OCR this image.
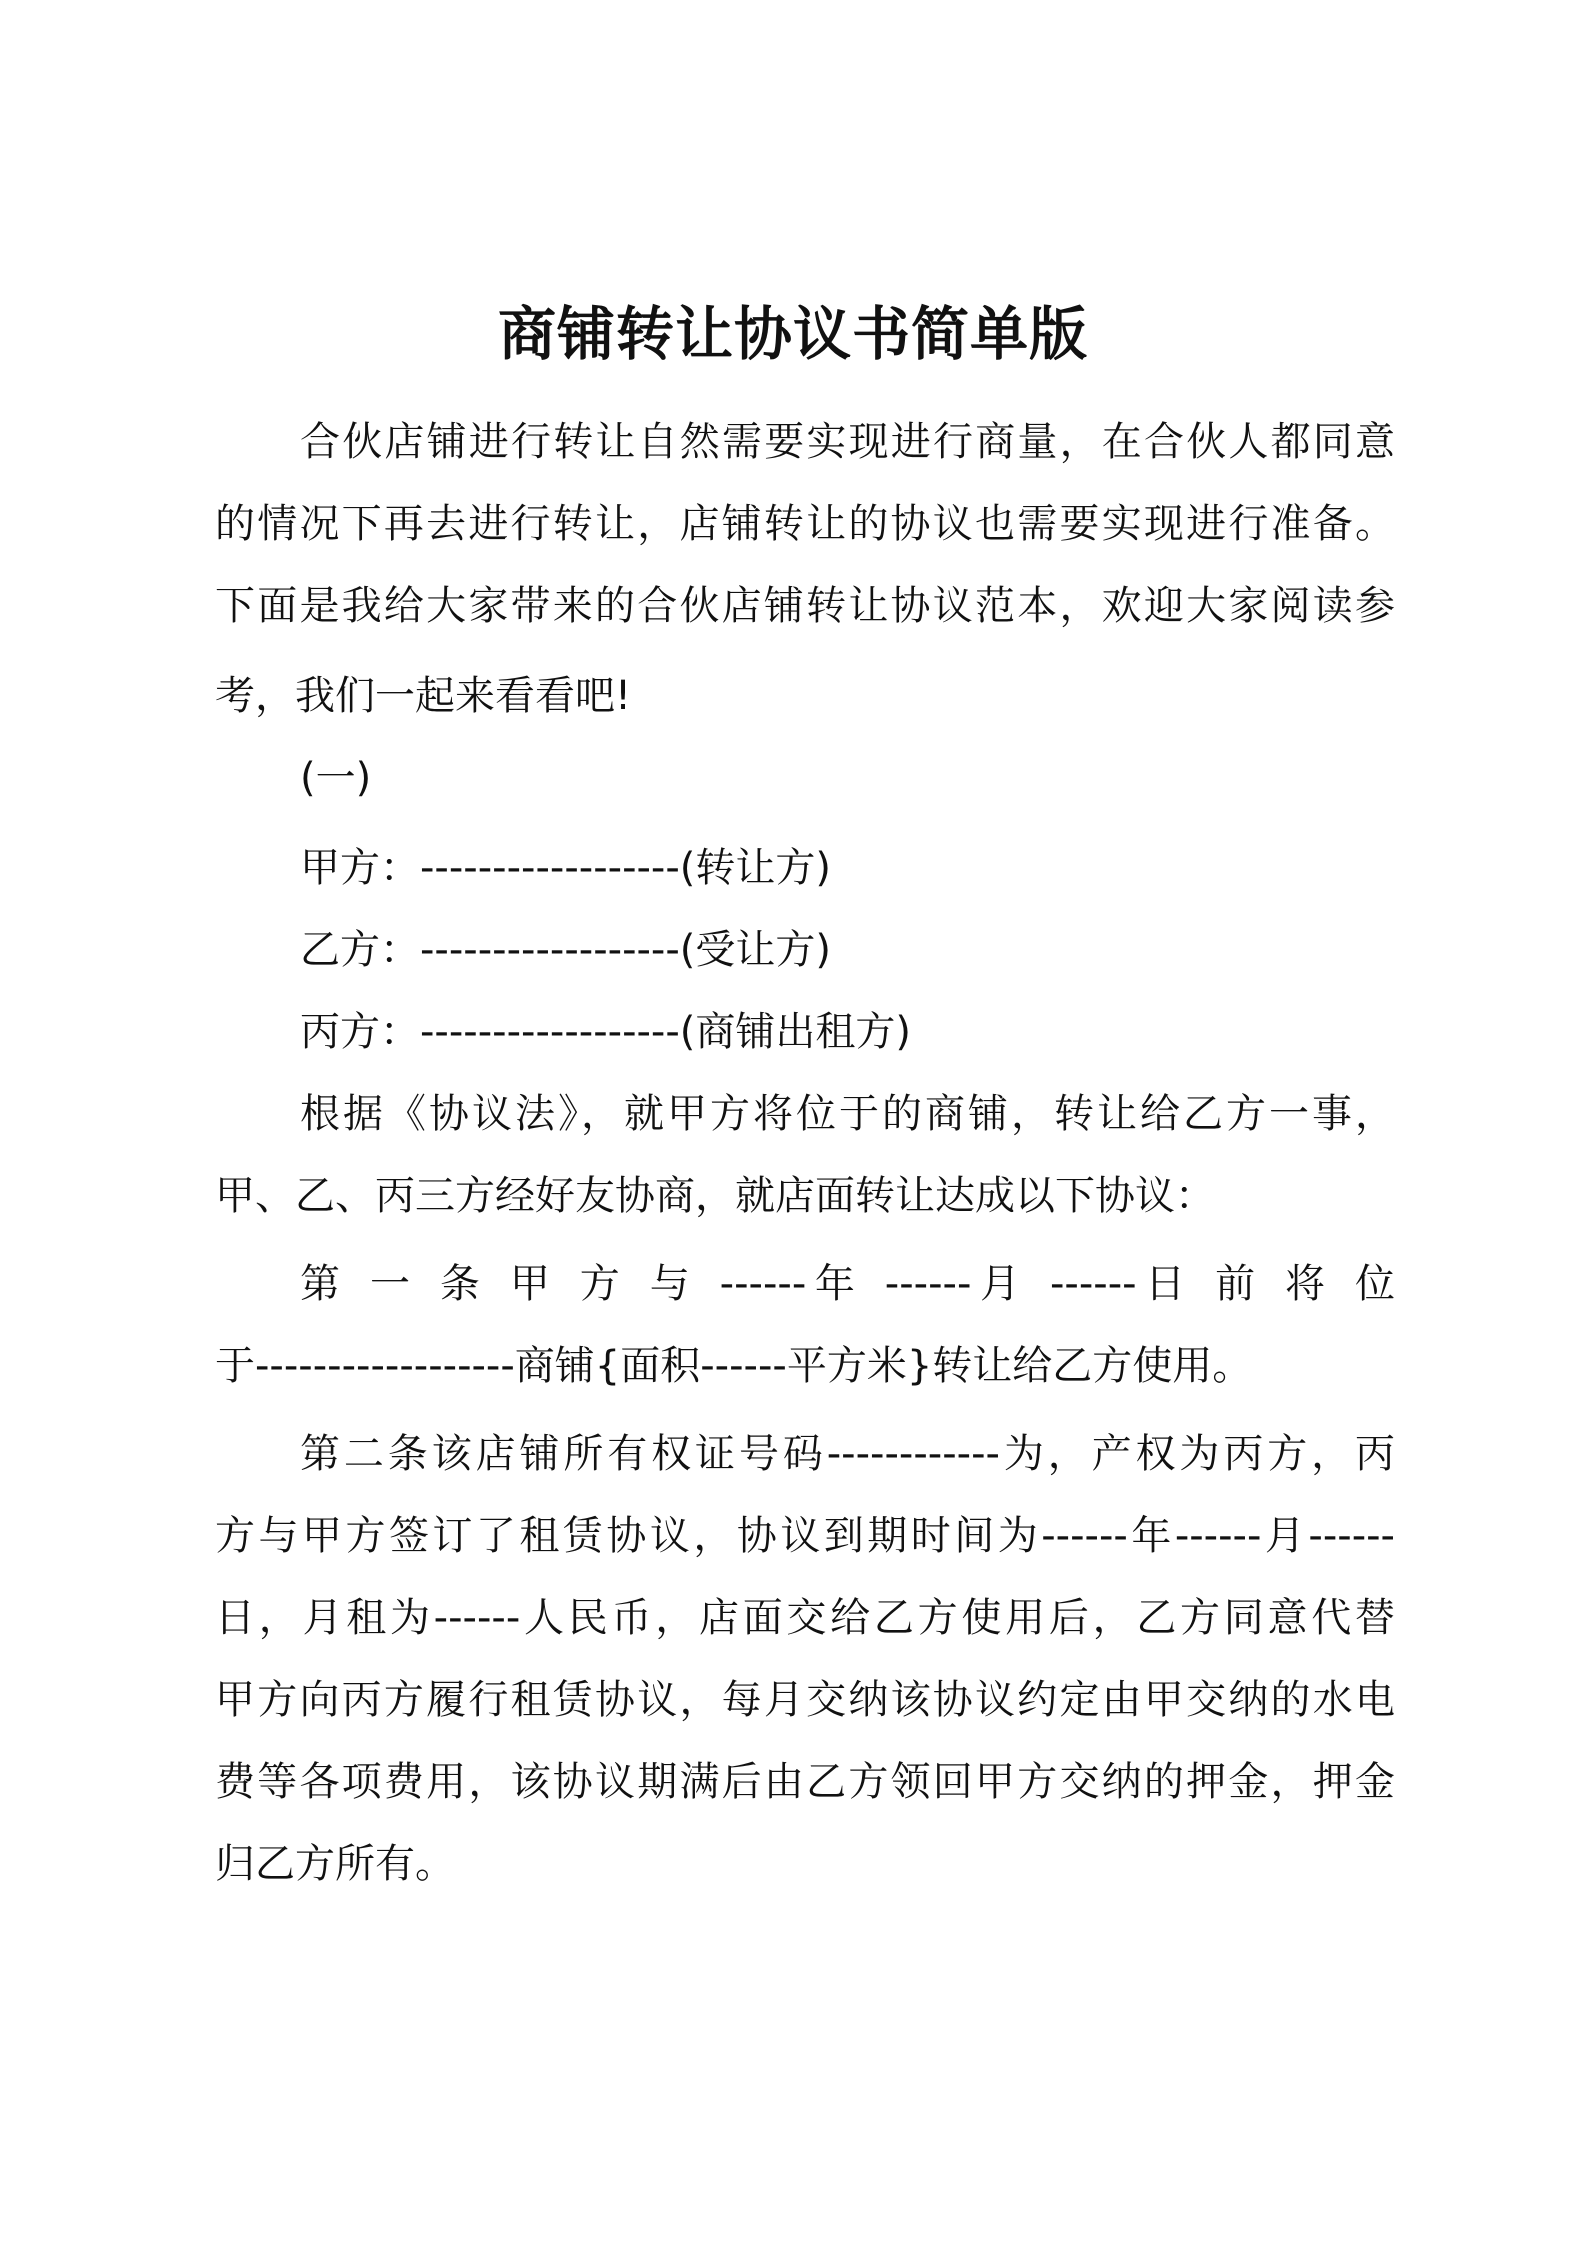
商铺转让协议书简单版
合伙店铺进行转让自然需要实现进行商量，在合伙人都同意
的情况下再去进行转让，店铺转让的协议也需要实现进行准备。
下面是我给大家带来的合伙店铺转让协议范本，欢迎大家阅读参
考，我们一起来看看吧!
(一)
甲方：------------------(转让方)
乙方：------------------(受让方)
丙方：------------------(商铺出租方)
根据《协议法》，就甲方将位于的商铺，转让给乙方一事，
甲、乙、丙三方经好友协商，就店面转让达成以下协议：
第 一 条 甲 方 与 ------年 ------月 ------日 前 将 位
于------------------商铺{面积------平方米}转让给乙方使用。
第二条该店铺所有权证号码------------为，产权为丙方，丙
方与甲方签订了租赁协议，协议到期时间为------年------月------
日，月租为------人民币，店面交给乙方使用后，乙方同意代替
甲方向丙方履行租赁协议，每月交纳该协议约定由甲交纳的水电
费等各项费用，该协议期满后由乙方领回甲方交纳的押金，押金
归乙方所有。
